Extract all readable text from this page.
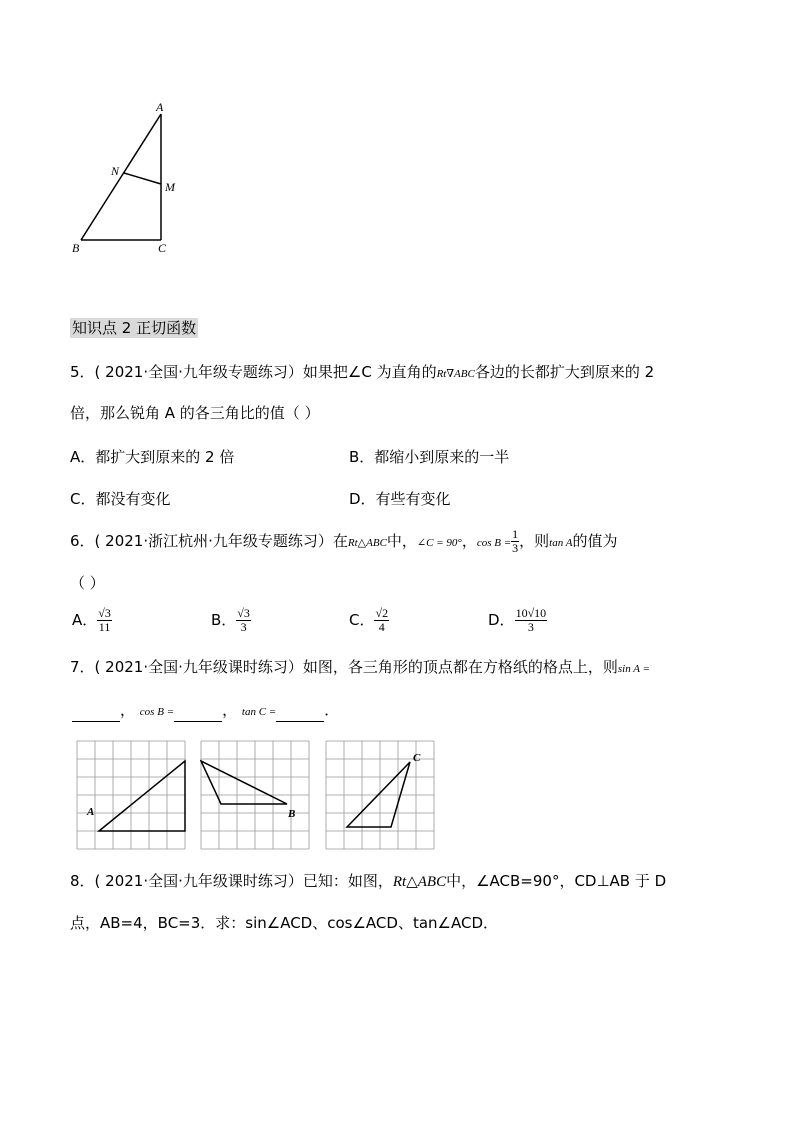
A
N
M
B	C
知识点 2 正切函数
5．( 2021·全国·九年级专题练习）如果把∠C 为直角的Rt∇ABC各边的长都扩大到原来的 2
倍，那么锐角 A 的各三角比的值（ ）
A．都扩大到原来的 2 倍	B．都缩小到原来的一半
C．都没有变化	D．有些有变化
6．( 2021·浙江杭州·九年级专题练习）在Rt△ABC中，∠C = 90°，$\cos B = \frac{1}{3}$ ，则tan A的值为
（ ）
A． $\frac{√3}{11}$	B． $\frac{√3}{3}$	C． $\frac{√2}{4}$	D． $\frac{10√10}{3}$
7．( 2021·全国·九年级课时练习）如图，各三角形的顶点都在方格纸的格点上，则sin A =
， cos B =	， tan C =	．
A	B
C
8．( 2021·全国·九年级课时练习）已知：如图，Rt△ABC中，∠ACB=90°，CD⊥AB 于 D
点，AB=4，BC=3．求：sin∠ACD、cos∠ACD、tan∠ACD．
